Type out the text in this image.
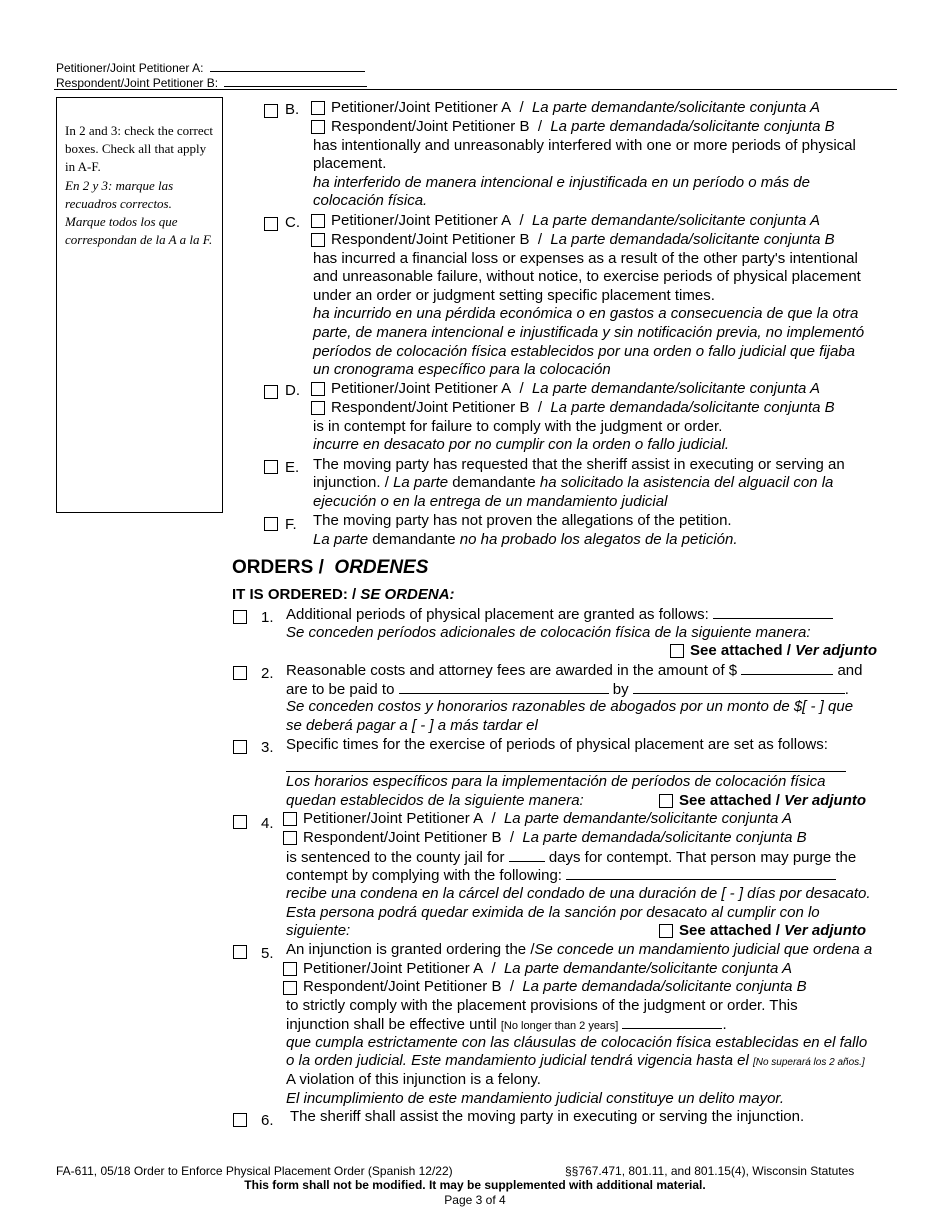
Petitioner/Joint Petitioner A:
Respondent/Joint Petitioner B:
In 2 and 3: check the correct boxes. Check all that apply in A-F.
En 2 y 3: marque las recuadros correctos. Marque todos los que correspondan de la A a la F.
B. Petitioner/Joint Petitioner A / La parte demandante/solicitante conjunta A
Respondent/Joint Petitioner B / La parte demandada/solicitante conjunta B
has intentionally and unreasonably interfered with one or more periods of physical
placement.
ha interferido de manera intencional e injustificada en un período o más de
colocación física.
C. Petitioner/Joint Petitioner A / La parte demandante/solicitante conjunta A
Respondent/Joint Petitioner B / La parte demandada/solicitante conjunta B
has incurred a financial loss or expenses as a result of the other party's intentional
and unreasonable failure, without notice, to exercise periods of physical placement
under an order or judgment setting specific placement times.
ha incurrido en una pérdida económica o en gastos a consecuencia de que la otra
parte, de manera intencional e injustificada y sin notificación previa, no implementó
períodos de colocación física establecidos por una orden o fallo judicial que fijaba
un cronograma específico para la colocación
D. Petitioner/Joint Petitioner A / La parte demandante/solicitante conjunta A
Respondent/Joint Petitioner B / La parte demandada/solicitante conjunta B
is in contempt for failure to comply with the judgment or order.
incurre en desacato por no cumplir con la orden o fallo judicial.
E. The moving party has requested that the sheriff assist in executing or serving an
injunction. / La parte demandante ha solicitado la asistencia del alguacil con la
ejecución o en la entrega de un mandamiento judicial
F. The moving party has not proven the allegations of the petition.
La parte demandante no ha probado los alegatos de la petición.
ORDERS / ORDENES
IT IS ORDERED: / SE ORDENA:
1. Additional periods of physical placement are granted as follows:
Se conceden períodos adicionales de colocación física de la siguiente manera:
See attached / Ver adjunto
2. Reasonable costs and attorney fees are awarded in the amount of $	and
are to be paid to	by	.
Se conceden costos y honorarios razonables de abogados por un monto de $[ - ] que
se deberá pagar a [ - ] a más tardar el
3. Specific times for the exercise of periods of physical placement are set as follows:
Los horarios específicos para la implementación de períodos de colocación física
quedan establecidos de la siguiente manera:	See attached / Ver adjunto
4. Petitioner/Joint Petitioner A / La parte demandante/solicitante conjunta A
Respondent/Joint Petitioner B / La parte demandada/solicitante conjunta B
is sentenced to the county jail for	days for contempt. That person may purge the
contempt by complying with the following:
recibe una condena en la cárcel del condado de una duración de [ - ] días por desacato.
Esta persona podrá quedar eximida de la sanción por desacato al cumplir con lo
siguiente:	See attached / Ver adjunto
5. An injunction is granted ordering the /Se concede un mandamiento judicial que ordena a
Petitioner/Joint Petitioner A / La parte demandante/solicitante conjunta A
Respondent/Joint Petitioner B / La parte demandada/solicitante conjunta B
to strictly comply with the placement provisions of the judgment or order. This
injunction shall be effective until [No longer than 2 years]	.
que cumpla estrictamente con las cláusulas de colocación física establecidas en el fallo
o la orden judicial. Este mandamiento judicial tendrá vigencia hasta el [No superará los 2 años.]
A violation of this injunction is a felony.
El incumplimiento de este mandamiento judicial constituye un delito mayor.
6. The sheriff shall assist the moving party in executing or serving the injunction.
FA-611, 05/18 Order to Enforce Physical Placement Order (Spanish 12/22)	§§767.471, 801.11, and 801.15(4), Wisconsin Statutes
This form shall not be modified. It may be supplemented with additional material.
Page 3 of 4
